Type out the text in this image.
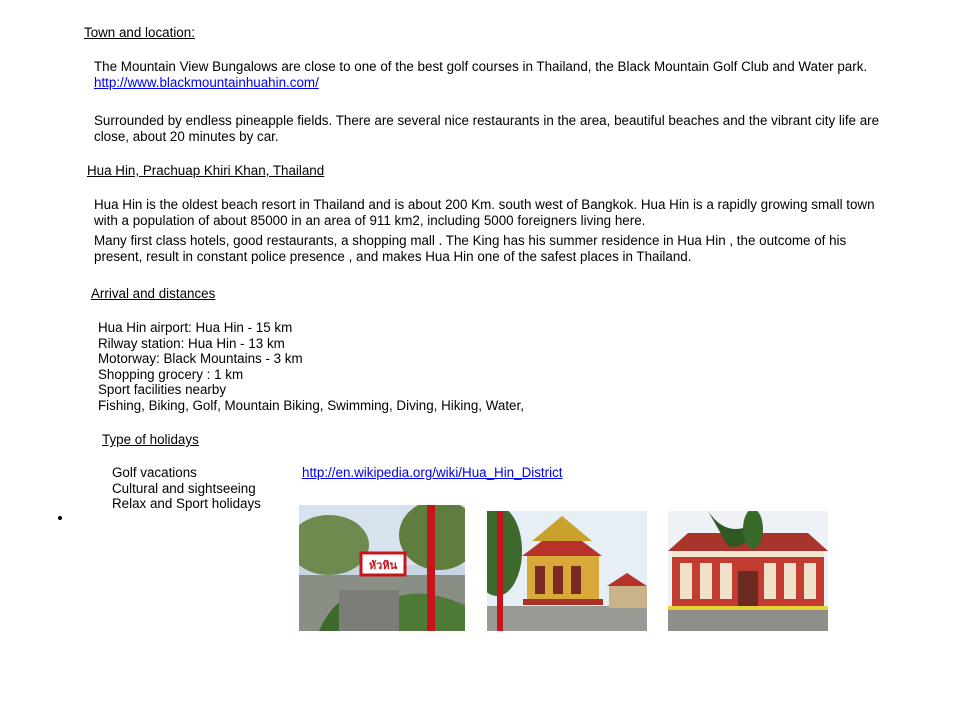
Town and location:
The Mountain View Bungalows are close to one of the best golf courses in Thailand, the Black Mountain Golf Club and Water park. http://www.blackmountainhuahin.com/
Surrounded by endless pineapple fields. There are several nice restaurants in the area, beautiful beaches and the vibrant city life are close, about 20 minutes by car.
Hua Hin, Prachuap Khiri Khan, Thailand
Hua Hin is the oldest beach resort in Thailand and is about 200 Km. south west of Bangkok. Hua Hin is a rapidly growing small town with a population of about 85000 in an area of 911 km2, including 5000 foreigners living here.
Many first class hotels, good restaurants, a shopping mall . The King has his summer residence in Hua Hin , the outcome of his present, result in constant police presence , and makes Hua Hin one of the safest places in Thailand.
Arrival and distances
Hua Hin airport: Hua Hin - 15 km
Rilway station: Hua Hin - 13 km
Motorway: Black Mountains - 3 km
Shopping grocery : 1 km
Sport facilities nearby
Fishing, Biking, Golf, Mountain Biking, Swimming, Diving, Hiking, Water,
Type of holidays
Golf vacations
Cultural and sightseeing
Relax and Sport holidays
http://en.wikipedia.org/wiki/Hua_Hin_District
หัวหิน
